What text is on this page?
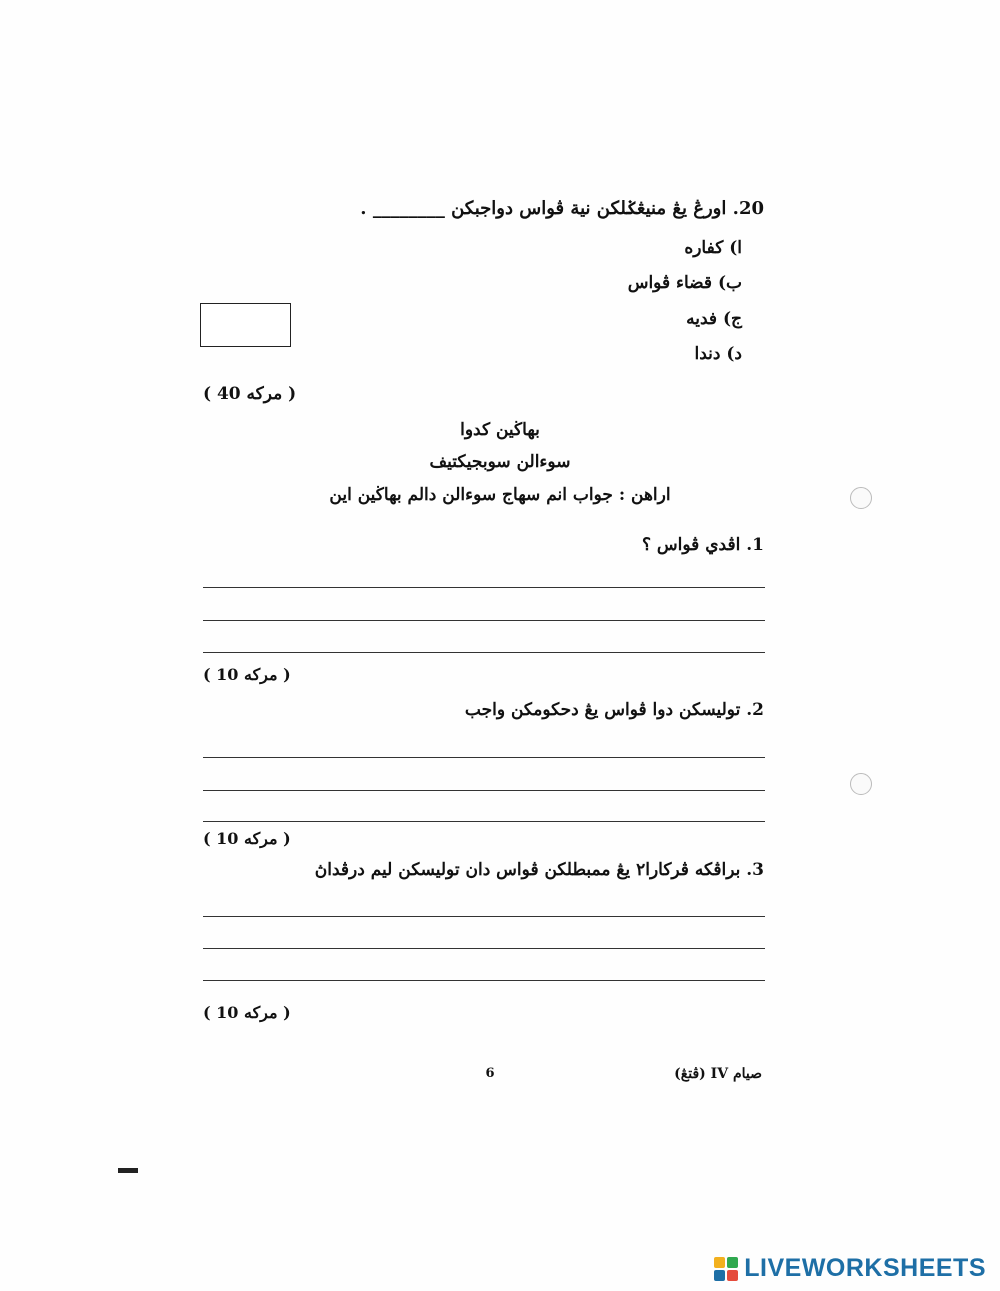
20. اورڠ يڠ منيڠݢلكن نية ڤواس دواجبكن ________ .
ا) كفاره
ب) قضاء ڤواس
ج) فديه
د) دندا
( 40 مركه )
بهاڬين كدوا
سوءالن سوبجيكتيف
اراهن : جواب انم سهاج سوءالن دالم بهاڬين اين
1. اڤدي ڤواس ؟
( 10 مركه )
2. توليسكن دوا ڤواس يڠ دحكومكن واجب
( 10 مركه )
3. براڤكه ڤركارا٢ يڠ ممبطلكن ڤواس دان توليسكن ليم درڤداڽ
( 10 مركه )
6	صيام IV (ڤتڠ)
LIVEWORKSHEETS
